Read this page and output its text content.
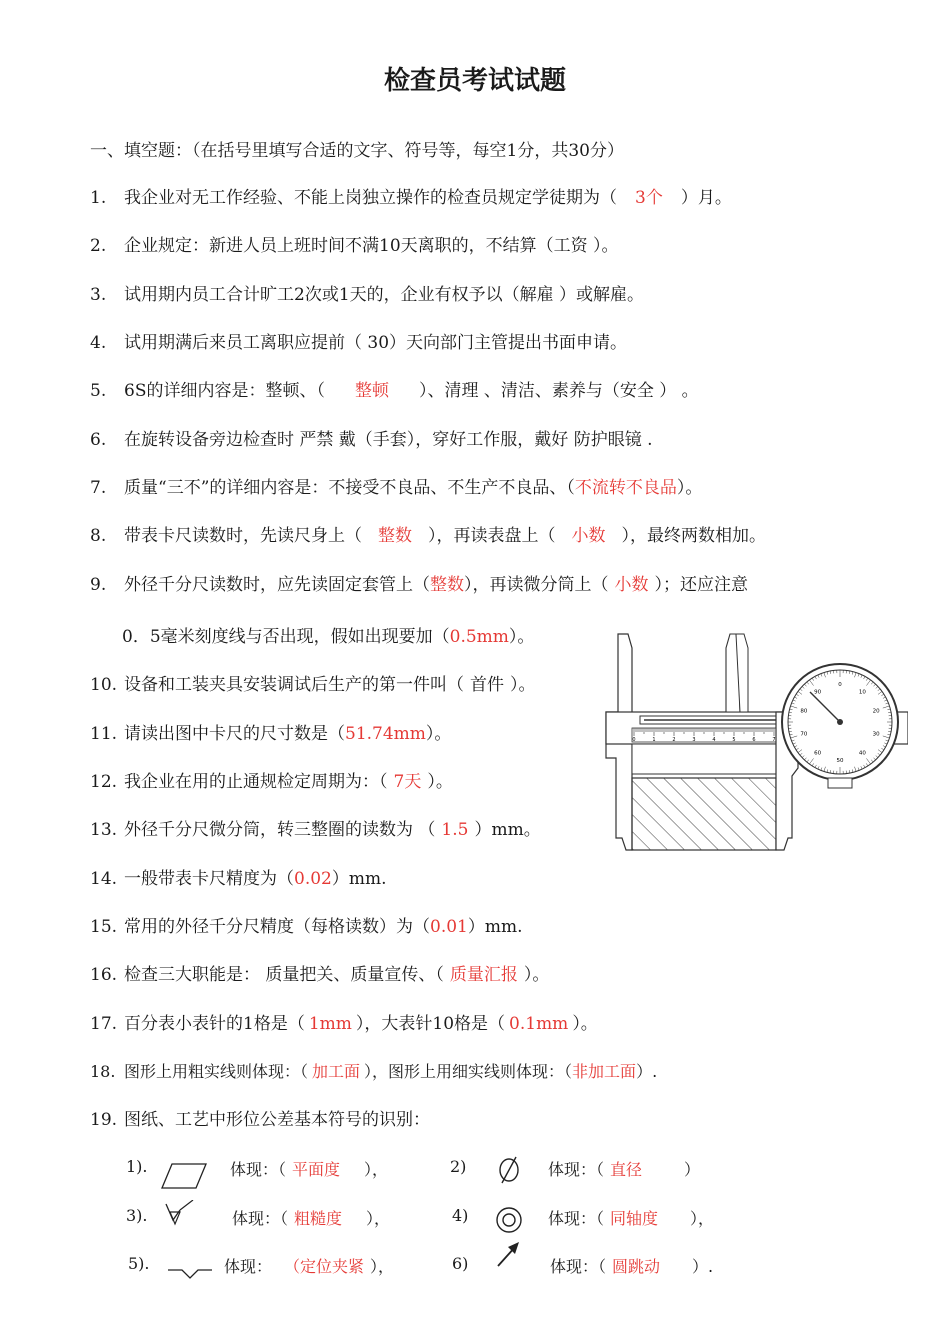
检查员考试试题
一、填空题：（在括号里填写合适的文字、符号等，每空1分，共30分）
1. 我企业对无工作经验、不能上岗独立操作的检查员规定学徒期为（ 3个 ）月。
2. 企业规定：新进人员上班时间不满10天离职的，不结算（工资 ）。
3. 试用期内员工合计旷工2次或1天的，企业有权予以（解雇 ）或解雇。
4. 试用期满后来员工离职应提前（ 30）天向部门主管提出书面申请。
5. 6S的详细内容是：整顿、（ 整顿 ）、清理 、清洁、素养与（安全 ） 。
6. 在旋转设备旁边检查时 严禁 戴（手套），穿好工作服，戴好 防护眼镜 .
7. 质量“三不”的详细内容是：不接受不良品、不生产不良品、（不流转不良品）。
8. 带表卡尺读数时，先读尺身上（ 整数 ），再读表盘上（ 小数 ），最终两数相加。
9. 外径千分尺读数时，应先读固定套管上（整数），再读微分筒上（ 小数 ）；还应注意
0．5毫米刻度线与否出现，假如出现要加（0.5mm）。
10. 设备和工装夹具安装调试后生产的第一件叫（ 首件 ）。
11. 请读出图中卡尺的尺寸数是（51.74mm）。
12. 我企业在用的止通规检定周期为：（ 7天 ）。
13. 外径千分尺微分筒，转三整圈的读数为 （ 1.5 ）mm。
14. 一般带表卡尺精度为（0.02）mm.
15. 常用的外径千分尺精度（每格读数）为（0.01）mm.
16. 检查三大职能是： 质量把关、质量宣传、（ 质量汇报 ）。
17. 百分表小表针的1格是（ 1mm ），大表针10格是（ 0.1mm ）。
18. 图形上用粗实线则体现：（ 加工面 ），图形上用细实线则体现：（非加工面）.
19. 图纸、工艺中形位公差基本符号的识别：
1).	体现：（ 平面度 ），	2)	体现：（ 直径	）
3).	体现：（ 粗糙度 ），	4)	体现：（ 同轴度 ），
5).	体现： （定位夹紧 ），	6)	体现：（ 圆跳动 ）.
0	1	2	3	4	5	6	7
0
10
20
30
40
50
60
70
80
90
